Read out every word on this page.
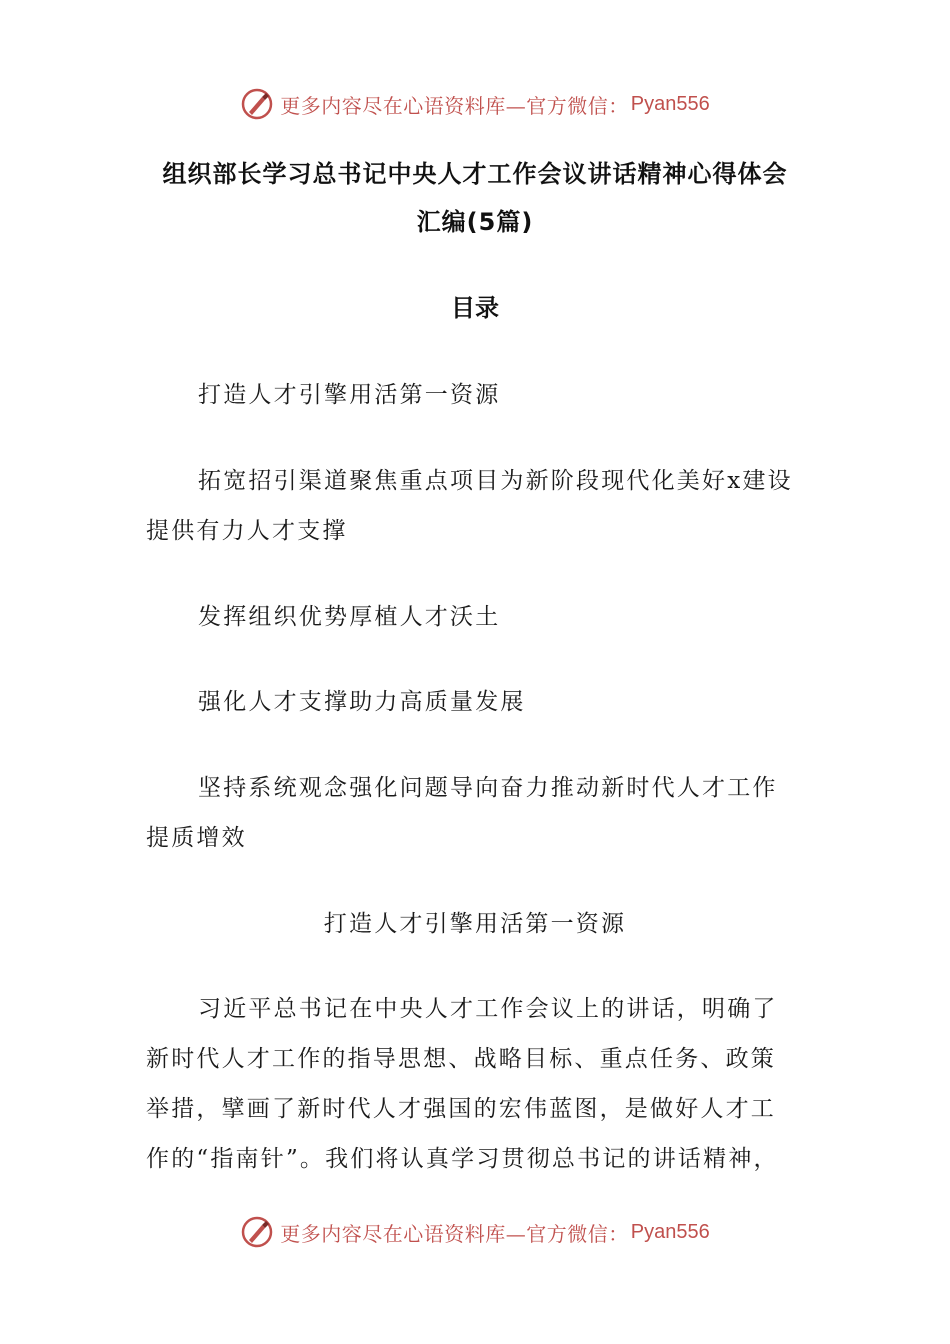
更多内容尽在心语资料库—官方微信： Pyan556
组织部长学习总书记中央人才工作会议讲话精神心得体会
汇编(5篇)
目录

打造人才引擎用活第一资源

拓宽招引渠道聚焦重点项目为新阶段现代化美好x建设

提供有力人才支撑

发挥组织优势厚植人才沃土

强化人才支撑助力高质量发展

坚持系统观念强化问题导向奋力推动新时代人才工作

提质增效

打造人才引擎用活第一资源

习近平总书记在中央人才工作会议上的讲话，明确了

新时代人才工作的指导思想、战略目标、重点任务、政策

举措，擘画了新时代人才强国的宏伟蓝图，是做好人才工

作的“指南针”。我们将认真学习贯彻总书记的讲话精神，

更多内容尽在心语资料库—官方微信： Pyan556
